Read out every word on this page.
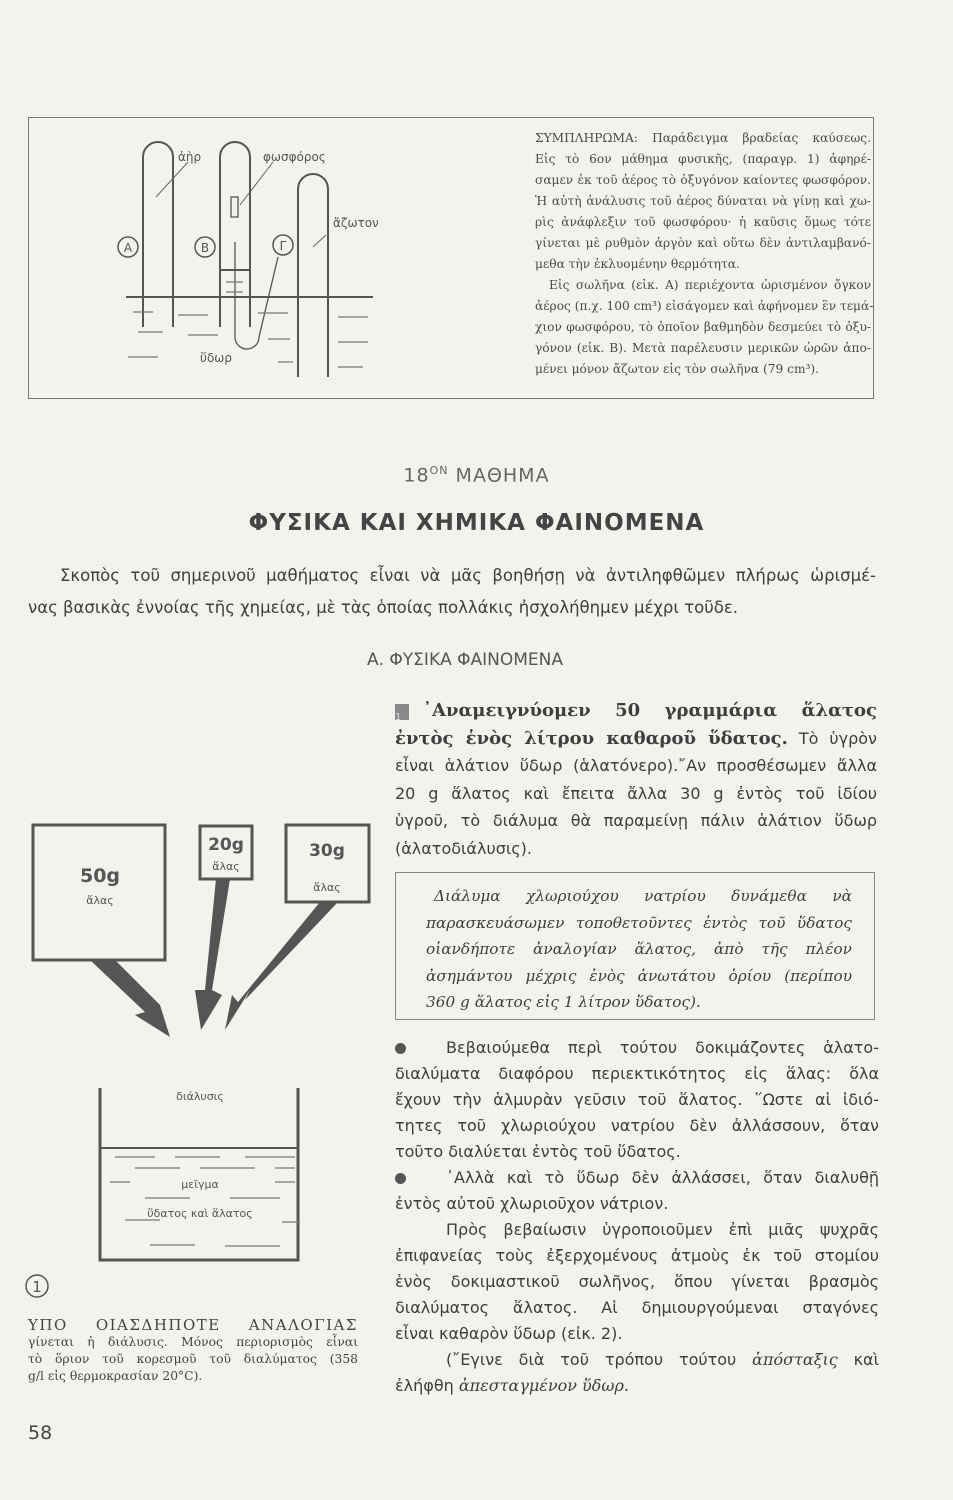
Α	Β	Γ
ἀὴρ	φωσφόρος
ἄζωτον
ὕδωρ
ΣΥΜΠΛΗΡΩΜΑ: Παράδειγμα βραδείας καύσεως.
Εἰς τὸ 6ον μάθημα φυσικῆς, (παραγρ. 1) ἀφηρέ-
σαμεν ἐκ τοῦ ἀέρος τὸ ὀξυγόνον καίοντες φωσφόρον.
Ἡ αὐτὴ ἀνάλυσις τοῦ ἀέρος δύναται νὰ γίνῃ καὶ χω-
ρὶς ἀνάφλεξιν τοῦ φωσφόρου· ἡ καῦσις ὅμως τότε
γίνεται μὲ ρυθμὸν ἀργὸν καὶ οὕτω δὲν ἀντιλαμβανό-
μεθα τὴν ἐκλυομένην θερμότητα.
Εἰς σωλῆνα (εἰκ. Α) περιέχοντα ὡρισμένον ὄγκον
ἀέρος (π.χ. 100 cm³) εἰσάγομεν καὶ ἀφήνομεν ἓν τεμά-
χιον φωσφόρου, τὸ ὁποῖον βαθμηδὸν δεσμεύει τὸ ὀξυ-
γόνον (εἰκ. Β). Μετὰ παρέλευσιν μερικῶν ὡρῶν ἀπο-
μένει μόνον ἄζωτον εἰς τὸν σωλῆνα (79 cm³).
$18^{ON}$ ΜΑΘΗΜΑ
ΦΥΣΙΚΑ ΚΑΙ ΧΗΜΙΚΑ ΦΑΙΝΟΜΕΝΑ
Σκοπὸς τοῦ σημερινοῦ μαθήματος εἶναι νὰ μᾶς βοηθήσῃ νὰ ἀντιληφθῶμεν πλήρως ὡρισμέ-
νας βασικὰς ἐννοίας τῆς χημείας, μὲ τὰς ὁποίας πολλάκις ἠσχολήθημεν μέχρι τοῦδε.
Α. ΦΥΣΙΚΑ ΦΑΙΝΟΜΕΝΑ
1 ᾿Αναμειγνύομεν 50 γραμμάρια ἅλατος
ἐντὸς ἑνὸς λίτρου καθαροῦ ὕδατος. Τὸ ὑγρὸν
εἶναι ἁλάτιον ὕδωρ (ἁλατόνερο).῎Αν προσθέσωμεν ἄλλα
20 g ἅλατος καὶ ἔπειτα ἄλλα 30 g ἐντὸς τοῦ ἰδίου
ὑγροῦ, τὸ διάλυμα θὰ παραμείνῃ πάλιν ἁλάτιον ὕδωρ
(ἁλατοδιάλυσις).
Διάλυμα χλωριούχου νατρίου δυνάμεθα νὰ
παρασκευάσωμεν τοποθετοῦντες ἐντὸς τοῦ ὕδατος
οἱανδήποτε ἀναλογίαν ἅλατος, ἀπὸ τῆς πλέον
ἀσημάντου μέχρις ἑνὸς ἀνωτάτου ὁρίου (περίπου
360 g ἅλατος εἰς 1 λίτρον ὕδατος).
Βεβαιούμεθα περὶ τούτου δοκιμάζοντες ἁλατο-
διαλύματα διαφόρου περιεκτικότητος εἰς ἅλας: ὅλα
ἔχουν τὴν ἁλμυρὰν γεῦσιν τοῦ ἅλατος. ῞Ωστε αἱ ἰδιό-
τητες τοῦ χλωριούχου νατρίου δὲν ἀλλάσσουν, ὅταν
τοῦτο διαλύεται ἐντὸς τοῦ ὕδατος.
᾿Αλλὰ καὶ τὸ ὕδωρ δὲν ἀλλάσσει, ὅταν διαλυθῇ
ἐντὸς αὐτοῦ χλωριοῦχον νάτριον.
Πρὸς βεβαίωσιν ὑγροποιοῦμεν ἐπὶ μιᾶς ψυχρᾶς
ἐπιφανείας τοὺς ἐξερχομένους ἀτμοὺς ἐκ τοῦ στομίου
ἑνὸς δοκιμαστικοῦ σωλῆνος, ὅπου γίνεται βρασμὸς
διαλύματος ἅλατος. Αἱ δημιουργούμεναι σταγόνες
εἶναι καθαρὸν ὕδωρ (εἰκ. 2).
(῎Εγινε διὰ τοῦ τρόπου τούτου ἀπόσταξις καὶ
ἐλήφθη ἀπεσταγμένον ὕδωρ.
50g
ἅλας
20g
ἅλας
30g
ἅλας
διάλυσις
μεῖγμα
ὕδατος καὶ ἅλατος
1
ΥΠΟ ΟΙΑΣΔΗΠΟΤΕ ΑΝΑΛΟΓΙΑΣ
γίνεται ἡ διάλυσις. Μόνος περιορισμὸς εἶναι
τὸ ὅριον τοῦ κορεσμοῦ τοῦ διαλύματος (358
g/l εἰς θερμοκρασίαν 20°C).
58
